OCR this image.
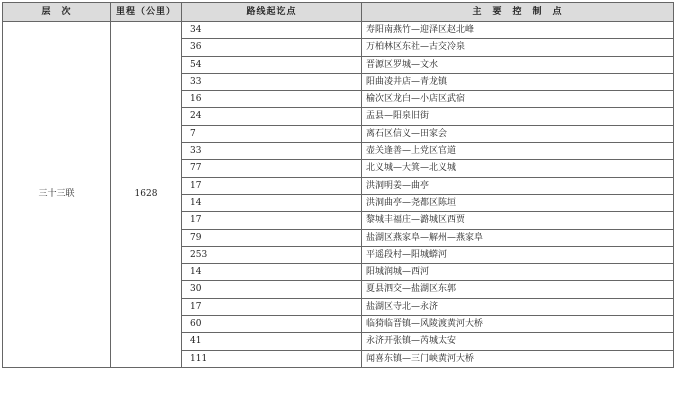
层　次	里程（公里）	路线起讫点	主　要　控　制　点	
三十三联	1628	34	寿阳南燕竹—迎泽区赵北峰	
		36	万柏林区东社—古交冷泉	
		54	晋源区罗城—文水	
		33	阳曲凌井店—青龙镇	
		16	榆次区龙白—小店区武宿	
		24	盂县—阳泉旧街	
		7	离石区信义—田家会	
		33	壶关逢善—上党区官道	
		77	北义城—大箕—北义城	
		17	洪洞明姜—曲亭	
		14	洪洞曲亭—尧都区陈垣	
		17	黎城丰福庄—潞城区西贾	
		79	盐湖区燕家阜—解州—燕家阜	
		253	平遥段村—阳城蟒河	
		14	阳城润城—西河	
		30	夏县泗交—盐湖区东郭	
		17	盐湖区寺北—永济	
		60	临猗临晋镇—风陵渡黄河大桥	
		41	永济开张镇—芮城太安	
		111	闻喜东镇—三门峡黄河大桥	
